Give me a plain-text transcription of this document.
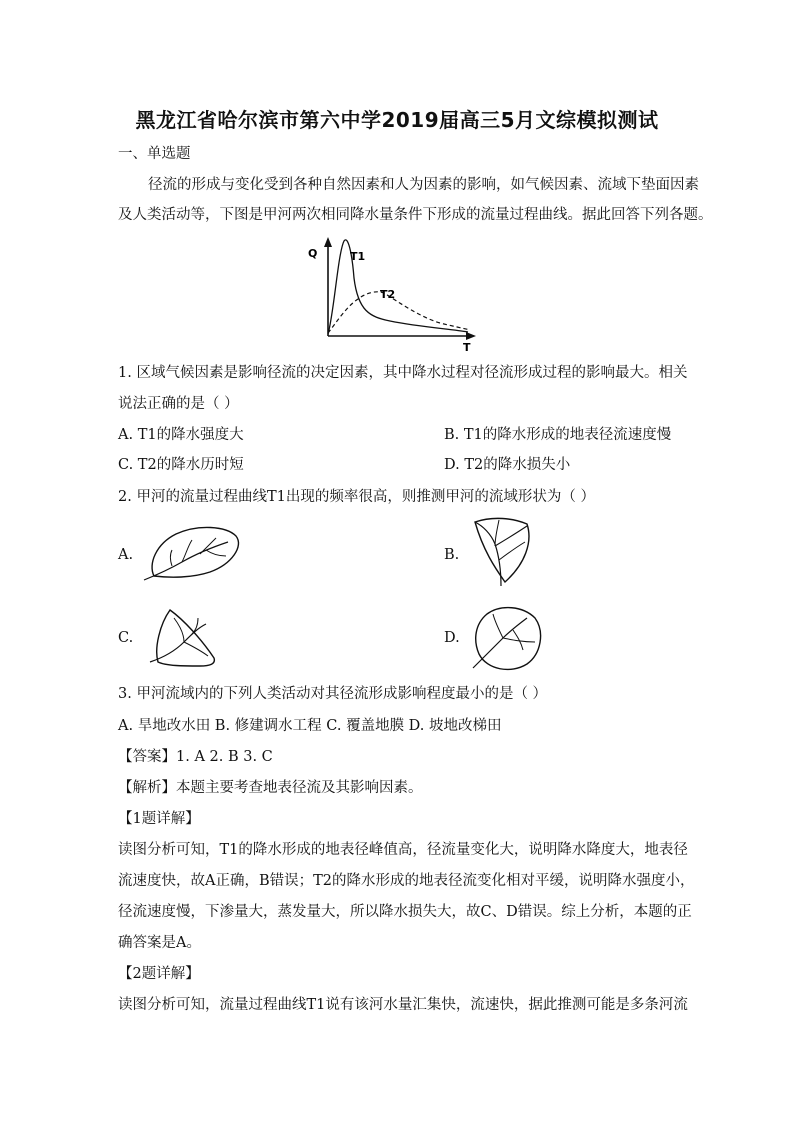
黑龙江省哈尔滨市第六中学2019届高三5月文综模拟测试
一、单选题
径流的形成与变化受到各种自然因素和人为因素的影响，如气候因素、流域下垫面因素
及人类活动等，下图是甲河两次相同降水量条件下形成的流量过程曲线。据此回答下列各题。
Q	T1
T2
T
1. 区域气候因素是影响径流的决定因素，其中降水过程对径流形成过程的影响最大。相关
说法正确的是（ ）
A. T1的降水强度大	B. T1的降水形成的地表径流速度慢
C. T2的降水历时短	D. T2的降水损失小
2. 甲河的流量过程曲线T1出现的频率很高，则推测甲河的流域形状为（ ）
A.	B.
C.	D.
3. 甲河流域内的下列人类活动对其径流形成影响程度最小的是（ ）
A. 旱地改水田 B. 修建调水工程 C. 覆盖地膜 D. 坡地改梯田
【答案】1. A 2. B 3. C
【解析】本题主要考查地表径流及其影响因素。
【1题详解】
读图分析可知，T1的降水形成的地表径峰值高，径流量变化大，说明降水降度大，地表径
流速度快，故A正确，B错误；T2的降水形成的地表径流变化相对平缓，说明降水强度小，
径流速度慢，下渗量大，蒸发量大，所以降水损失大，故C、D错误。综上分析，本题的正
确答案是A。
【2题详解】
读图分析可知，流量过程曲线T1说有该河水量汇集快，流速快，据此推测可能是多条河流
